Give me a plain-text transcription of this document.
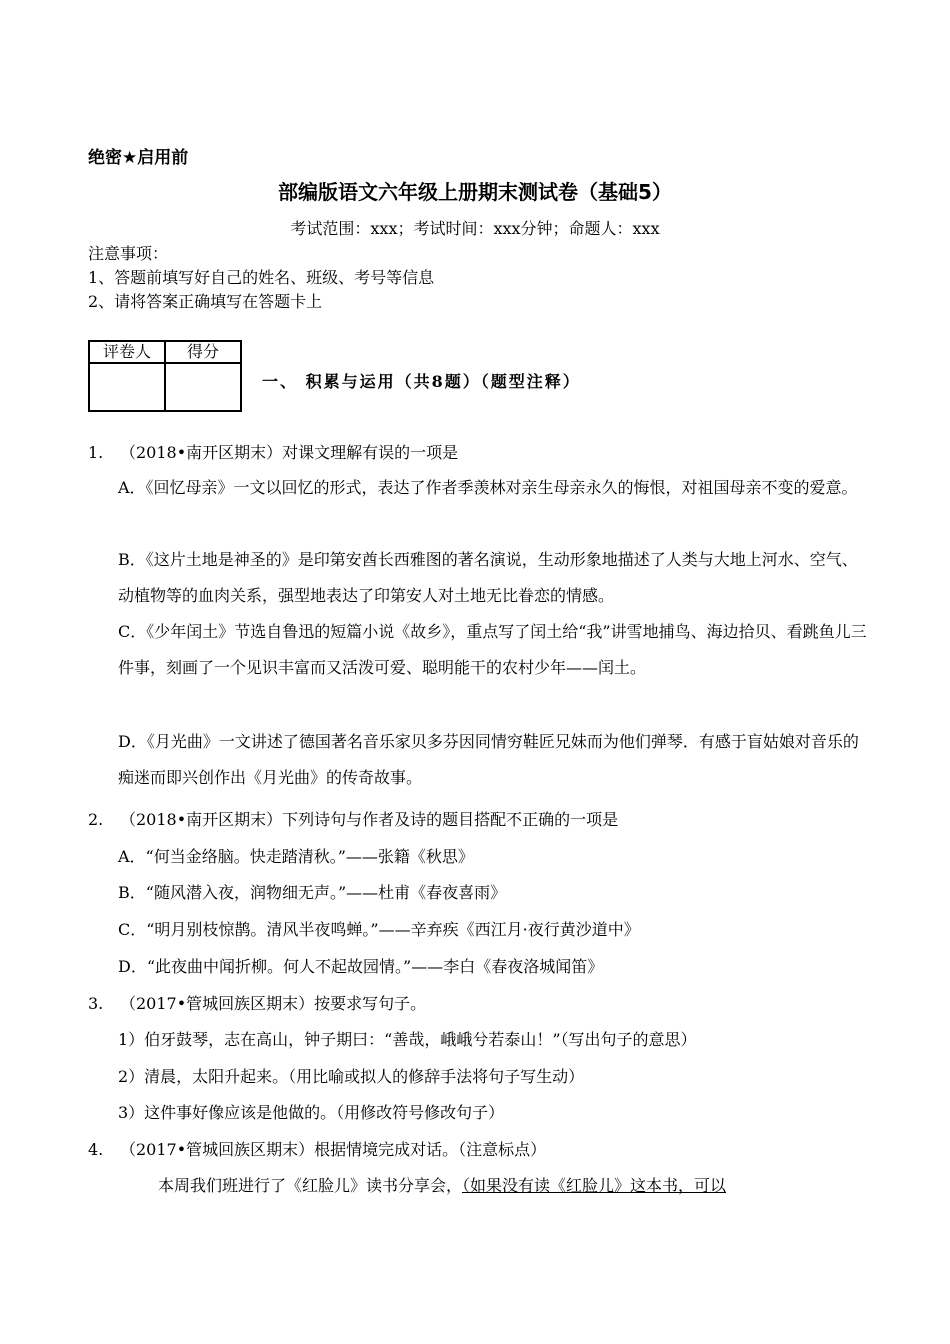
绝密★启用前
部编版语文六年级上册期末测试卷（基础5）
考试范围：xxx；考试时间：xxx分钟；命题人：xxx
注意事项：
1、答题前填写好自己的姓名、班级、考号等信息
2、请将答案正确填写在答题卡上
评卷人	得分

一、 积累与运用（共8题）（题型注释）
1. （2018•南开区期末）对课文理解有误的一项是
A．《回忆母亲》一文以回忆的形式，表达了作者季羡林对亲生母亲永久的悔恨，对祖国母亲不变的爱意。
B．《这片土地是神圣的》是印第安酋长西雅图的著名演说，生动形象地描述了人类与大地上河水、空气、动植物等的血肉关系，强型地表达了印第安人对土地无比眷恋的情感。
C．《少年闰土》节选自鲁迅的短篇小说《故乡》，重点写了闰土给“我”讲雪地捕鸟、海边拾贝、看跳鱼儿三件事，刻画了一个见识丰富而又活泼可爱、聪明能干的农村少年——闰土。
D．《月光曲》一文讲述了德国著名音乐家贝多芬因同情穷鞋匠兄妹而为他们弹琴．有感于盲姑娘对音乐的痴迷而即兴创作出《月光曲》的传奇故事。
2. （2018•南开区期末）下列诗句与作者及诗的题目搭配不正确的一项是
A．“何当金络脑。快走踏清秋。”——张籍《秋思》
B．“随风潜入夜，润物细无声。”——杜甫《春夜喜雨》
C．“明月别枝惊鹊。清风半夜鸣蝉。”——辛弃疾《西江月·夜行黄沙道中》
D．“此夜曲中闻折柳。何人不起故园情。”——李白《春夜洛城闻笛》
3. （2017•管城回族区期末）按要求写句子。
1）伯牙鼓琴，志在高山，钟子期曰：“善哉，峨峨兮若泰山！”（写出句子的意思）
2）清晨，太阳升起来。（用比喻或拟人的修辞手法将句子写生动）
3）这件事好像应该是他做的。（用修改符号修改句子）
4. （2017•管城回族区期末）根据情境完成对话。（注意标点）
本周我们班进行了《红脸儿》读书分享会，（如果没有读《红脸儿》这本书，可以
